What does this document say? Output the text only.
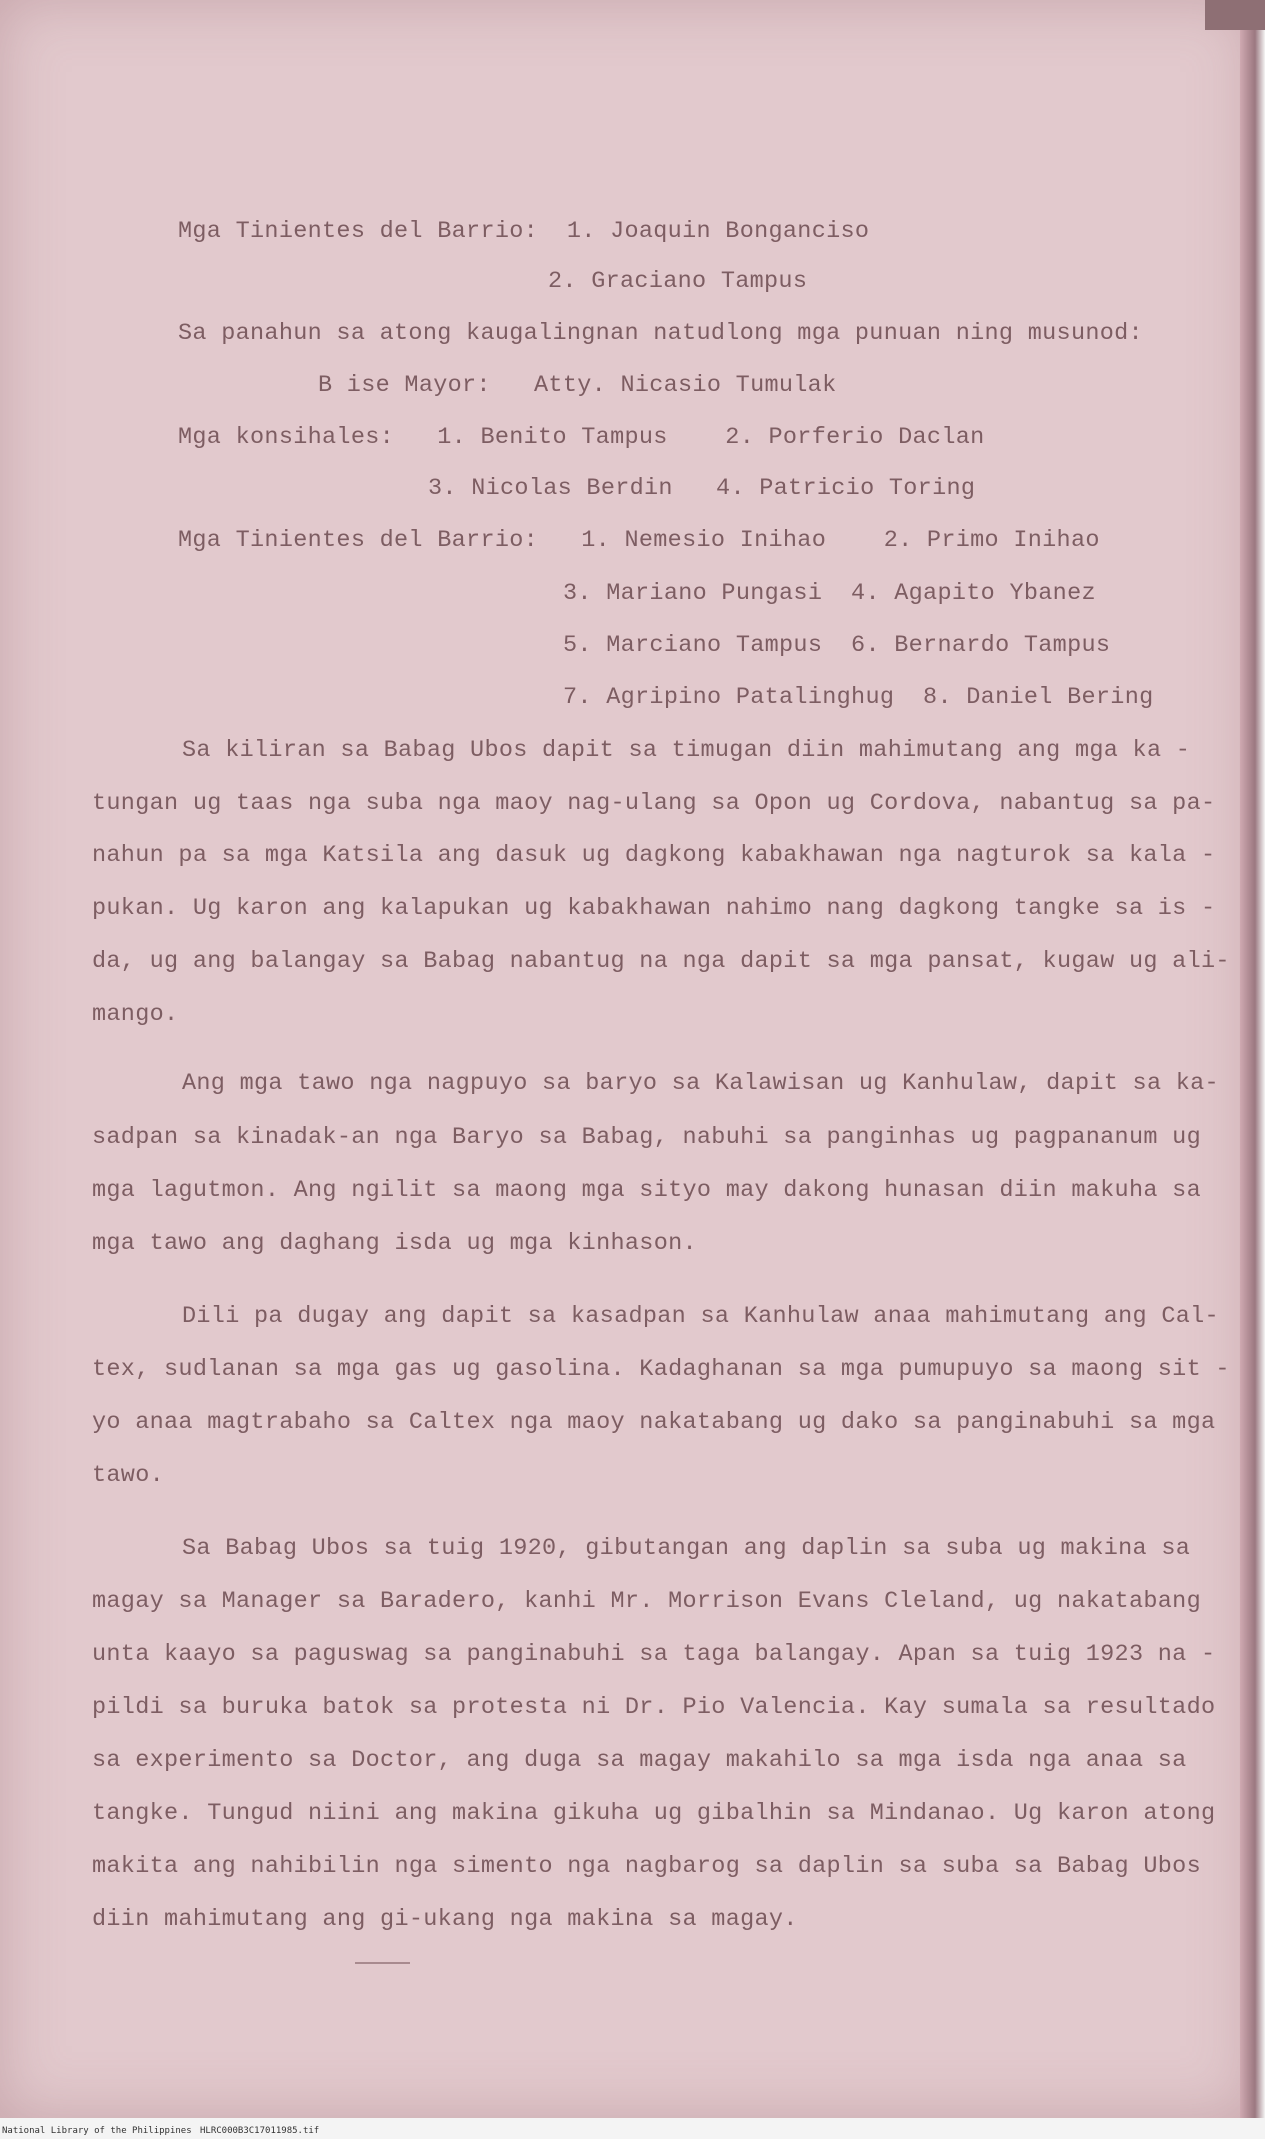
Mga Tinientes del Barrio:  1. Joaquin Bonganciso
2. Graciano Tampus
Sa panahun sa atong kaugalingnan natudlong mga punuan ning musunod:
B ise Mayor:   Atty. Nicasio Tumulak
Mga konsihales:   1. Benito Tampus    2. Porferio Daclan
3. Nicolas Berdin   4. Patricio Toring
Mga Tinientes del Barrio:   1. Nemesio Inihao    2. Primo Inihao
3. Mariano Pungasi  4. Agapito Ybanez
5. Marciano Tampus  6. Bernardo Tampus
7. Agripino Patalinghug  8. Daniel Bering
Sa kiliran sa Babag Ubos dapit sa timugan diin mahimutang ang mga ka -
tungan ug taas nga suba nga maoy nag-ulang sa Opon ug Cordova, nabantug sa pa-
nahun pa sa mga Katsila ang dasuk ug dagkong kabakhawan nga nagturok sa kala -
pukan. Ug karon ang kalapukan ug kabakhawan nahimo nang dagkong tangke sa is -
da, ug ang balangay sa Babag nabantug na nga dapit sa mga pansat, kugaw ug ali-
mango.
Ang mga tawo nga nagpuyo sa baryo sa Kalawisan ug Kanhulaw, dapit sa ka-
sadpan sa kinadak-an nga Baryo sa Babag, nabuhi sa panginhas ug pagpananum ug
mga lagutmon. Ang ngilit sa maong mga sityo may dakong hunasan diin makuha sa
mga tawo ang daghang isda ug mga kinhason.
Dili pa dugay ang dapit sa kasadpan sa Kanhulaw anaa mahimutang ang Cal-
tex, sudlanan sa mga gas ug gasolina. Kadaghanan sa mga pumupuyo sa maong sit -
yo anaa magtrabaho sa Caltex nga maoy nakatabang ug dako sa panginabuhi sa mga
tawo.
Sa Babag Ubos sa tuig 1920, gibutangan ang daplin sa suba ug makina sa
magay sa Manager sa Baradero, kanhi Mr. Morrison Evans Cleland, ug nakatabang
unta kaayo sa paguswag sa panginabuhi sa taga balangay. Apan sa tuig 1923 na -
pildi sa buruka batok sa protesta ni Dr. Pio Valencia. Kay sumala sa resultado
sa experimento sa Doctor, ang duga sa magay makahilo sa mga isda nga anaa sa
tangke. Tungud niini ang makina gikuha ug gibalhin sa Mindanao. Ug karon atong
makita ang nahibilin nga simento nga nagbarog sa daplin sa suba sa Babag Ubos
diin mahimutang ang gi-ukang nga makina sa magay.
National Library of the Philippines HLRC000B3C17011985.tif
